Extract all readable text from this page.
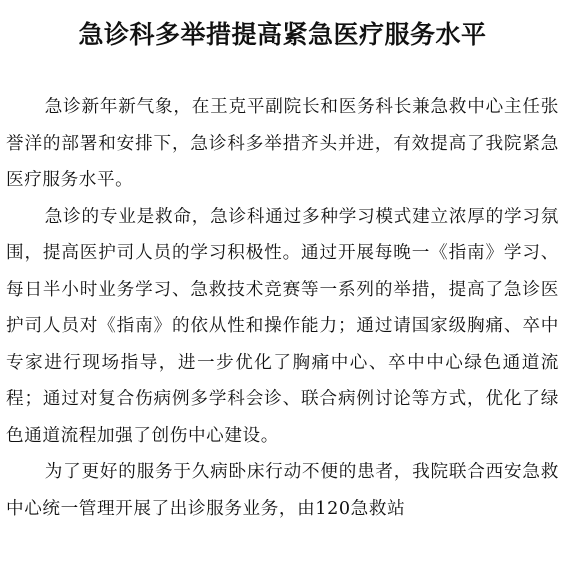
急诊科多举措提高紧急医疗服务水平

急诊新年新气象，在王克平副院长和医务科长兼急救中心主任张誉洋的部署和安排下，急诊科多举措齐头并进，有效提高了我院紧急医疗服务水平。

急诊的专业是救命，急诊科通过多种学习模式建立浓厚的学习氛围，提高医护司人员的学习积极性。通过开展每晚一《指南》学习、每日半小时业务学习、急救技术竞赛等一系列的举措，提高了急诊医护司人员对《指南》的依从性和操作能力；通过请国家级胸痛、卒中专家进行现场指导，进一步优化了胸痛中心、卒中中心绿色通道流程；通过对复合伤病例多学科会诊、联合病例讨论等方式，优化了绿色通道流程加强了创伤中心建设。

为了更好的服务于久病卧床行动不便的患者，我院联合西安急救中心统一管理开展了出诊服务业务，由120急救站
